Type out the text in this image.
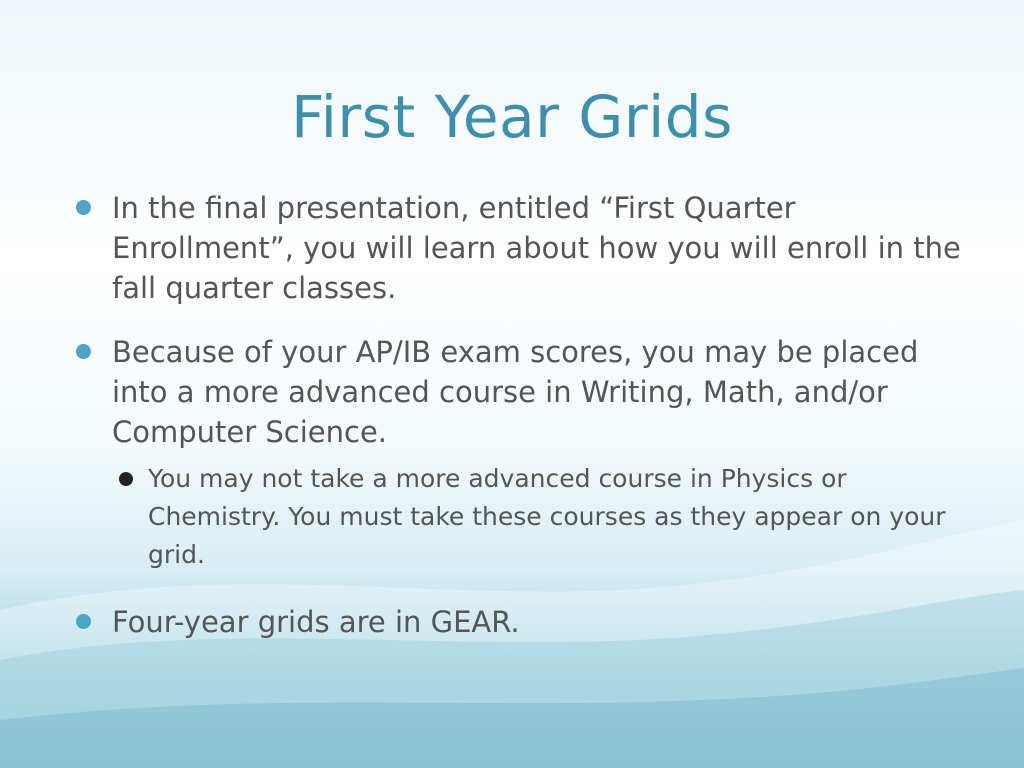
First Year Grids
In the final presentation, entitled “First Quarter Enrollment”, you will learn about how you will enroll in the fall quarter classes.
Because of your AP/IB exam scores, you may be placed into a more advanced course in Writing, Math, and/or Computer Science.
You may not take a more advanced course in Physics or Chemistry. You must take these courses as they appear on your grid.
Four-year grids are in GEAR.
